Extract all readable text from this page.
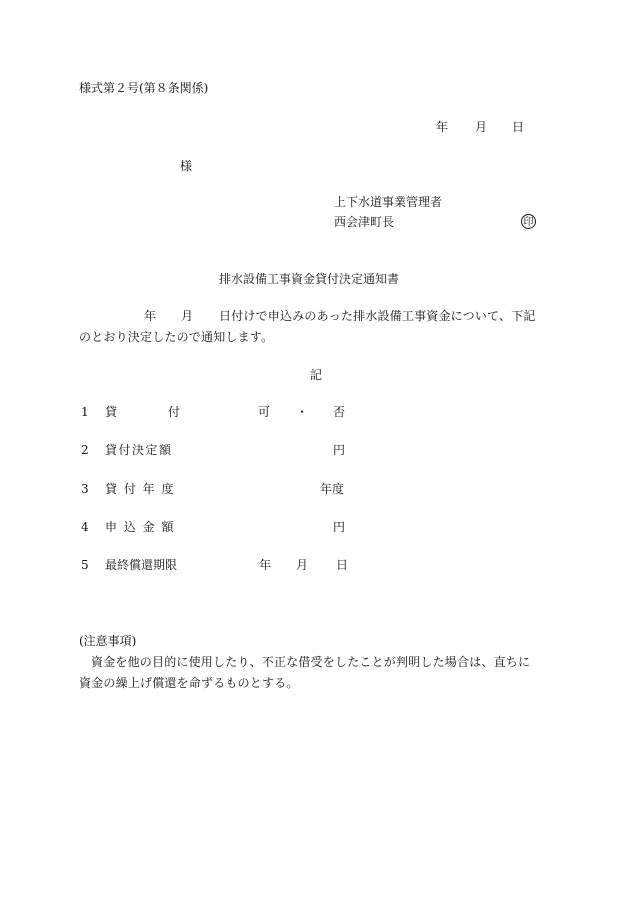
様式第２号(第８条関係)
年 月 日
様
上下水道事業管理者
西会津町長	印
排水設備工事資金貸付決定通知書
年 月 日付けで申込みのあった排水設備工事資金について、下記
のとおり決定したので通知します。
記
1 貸	付	可 ・ 否
2 貸付決定額	円
3 貸 付 年 度	年度
4 申 込 金 額	円
5 最終償還期限	年 月 日
(注意事項)
資金を他の目的に使用したり、不正な借受をしたことが判明した場合は、直ちに
資金の繰上げ償還を命ずるものとする。
